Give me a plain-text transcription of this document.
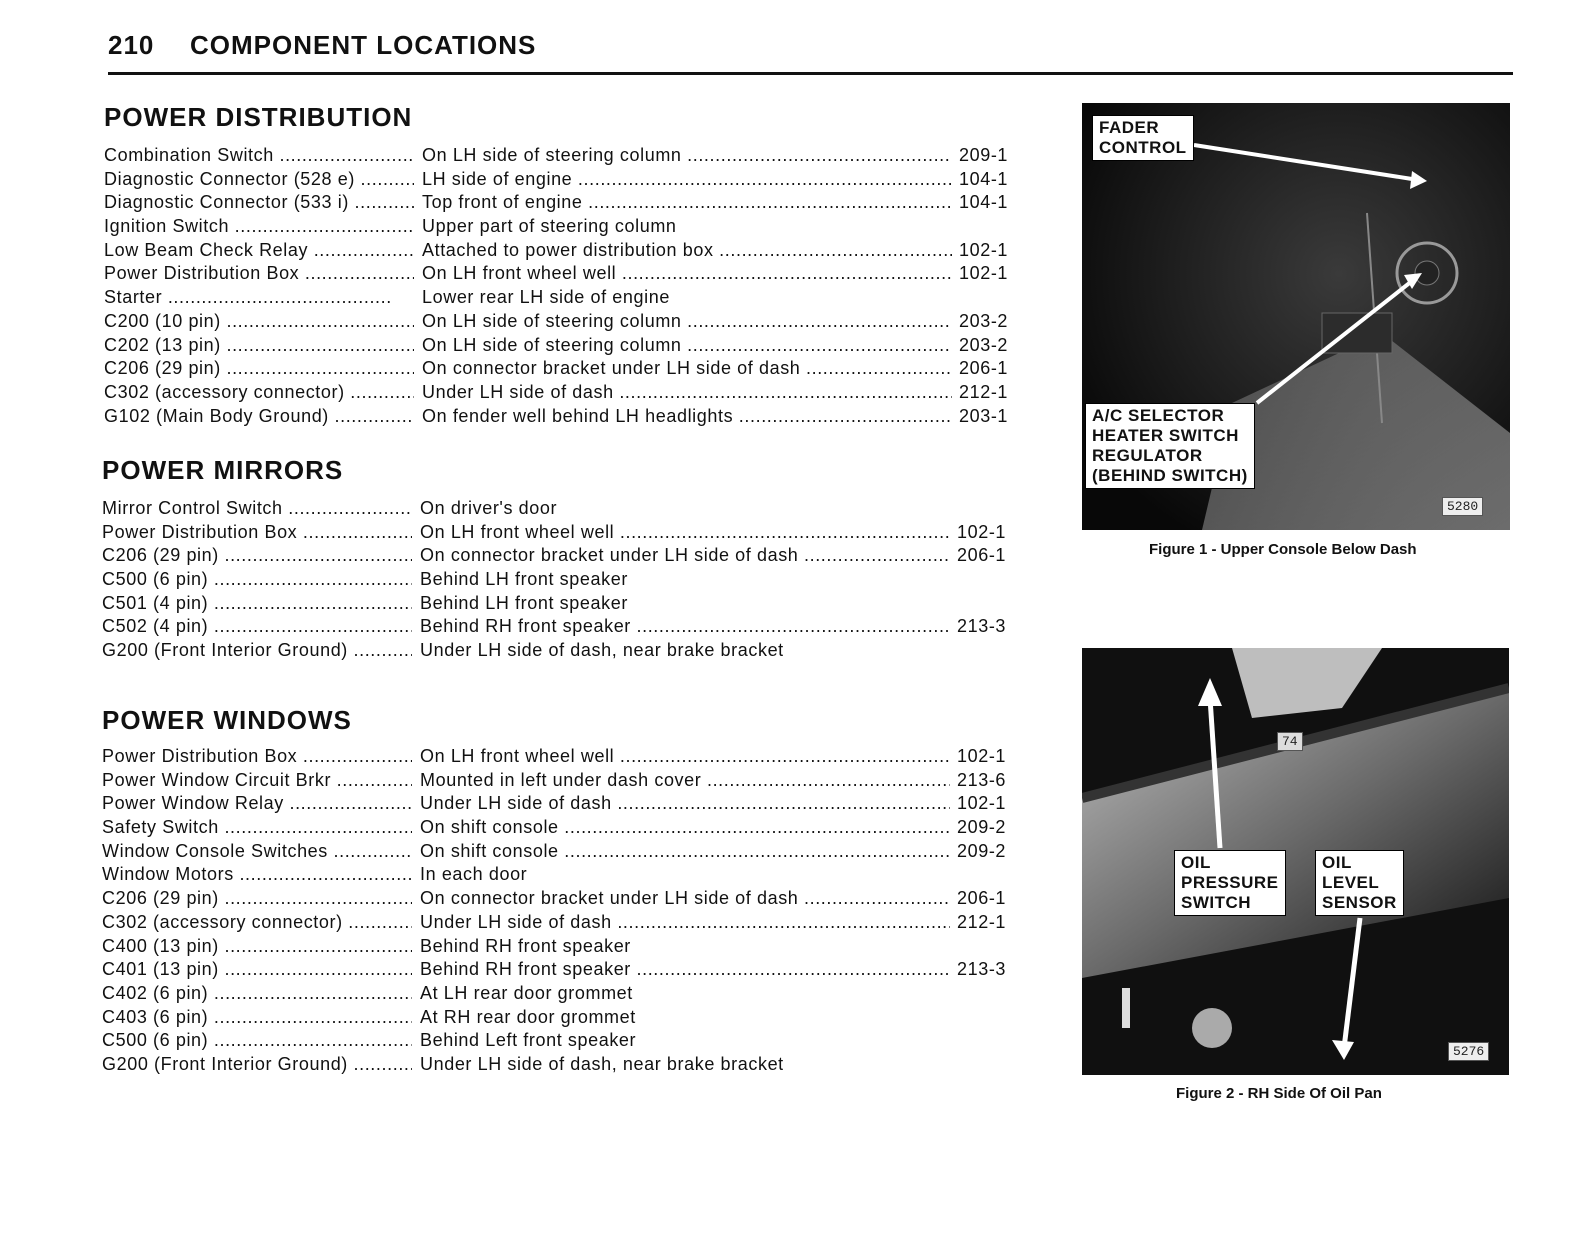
210 COMPONENT LOCATIONS
POWER DISTRIBUTION
Combination Switch .....	On LH side of steering column .....	209-1
Diagnostic Connector (528 e) .....	LH side of engine .....	104-1
Diagnostic Connector (533 i) .....	Top front of engine .....	104-1
Ignition Switch .....	Upper part of steering column
Low Beam Check Relay .....	Attached to power distribution box .....	102-1
Power Distribution Box .....	On LH front wheel well .....	102-1
Starter .....	Lower rear LH side of engine
C200 (10 pin) .....	On LH side of steering column .....	203-2
C202 (13 pin) .....	On LH side of steering column .....	203-2
C206 (29 pin) .....	On connector bracket under LH side of dash .....	206-1
C302 (accessory connector) .....	Under LH side of dash .....	212-1
G102 (Main Body Ground) .....	On fender well behind LH headlights .....	203-1
POWER MIRRORS
Mirror Control Switch .....	On driver's door
Power Distribution Box .....	On LH front wheel well .....	102-1
C206 (29 pin) .....	On connector bracket under LH side of dash .....	206-1
C500 (6 pin) .....	Behind LH front speaker
C501 (4 pin) .....	Behind LH front speaker
C502 (4 pin) .....	Behind RH front speaker .....	213-3
G200 (Front Interior Ground) .....	Under LH side of dash, near brake bracket
POWER WINDOWS
Power Distribution Box .....	On LH front wheel well .....	102-1
Power Window Circuit Brkr .....	Mounted in left under dash cover .....	213-6
Power Window Relay .....	Under LH side of dash .....	102-1
Safety Switch .....	On shift console .....	209-2
Window Console Switches .....	On shift console .....	209-2
Window Motors .....	In each door
C206 (29 pin) .....	On connector bracket under LH side of dash .....	206-1
C302 (accessory connector) .....	Under LH side of dash .....	212-1
C400 (13 pin) .....	Behind RH front speaker
C401 (13 pin) .....	Behind RH front speaker .....	213-3
C402 (6 pin) .....	At LH rear door grommet
C403 (6 pin) .....	At RH rear door grommet
C500 (6 pin) .....	Behind Left front speaker
G200 (Front Interior Ground) .....	Under LH side of dash, near brake bracket
FADER
CONTROL
A/C SELECTOR
HEATER SWITCH
REGULATOR
(BEHIND SWITCH)
5280
Figure 1 - Upper Console Below Dash
74
OIL
PRESSURE
SWITCH
OIL
LEVEL
SENSOR
5276
Figure 2 - RH Side Of Oil Pan
